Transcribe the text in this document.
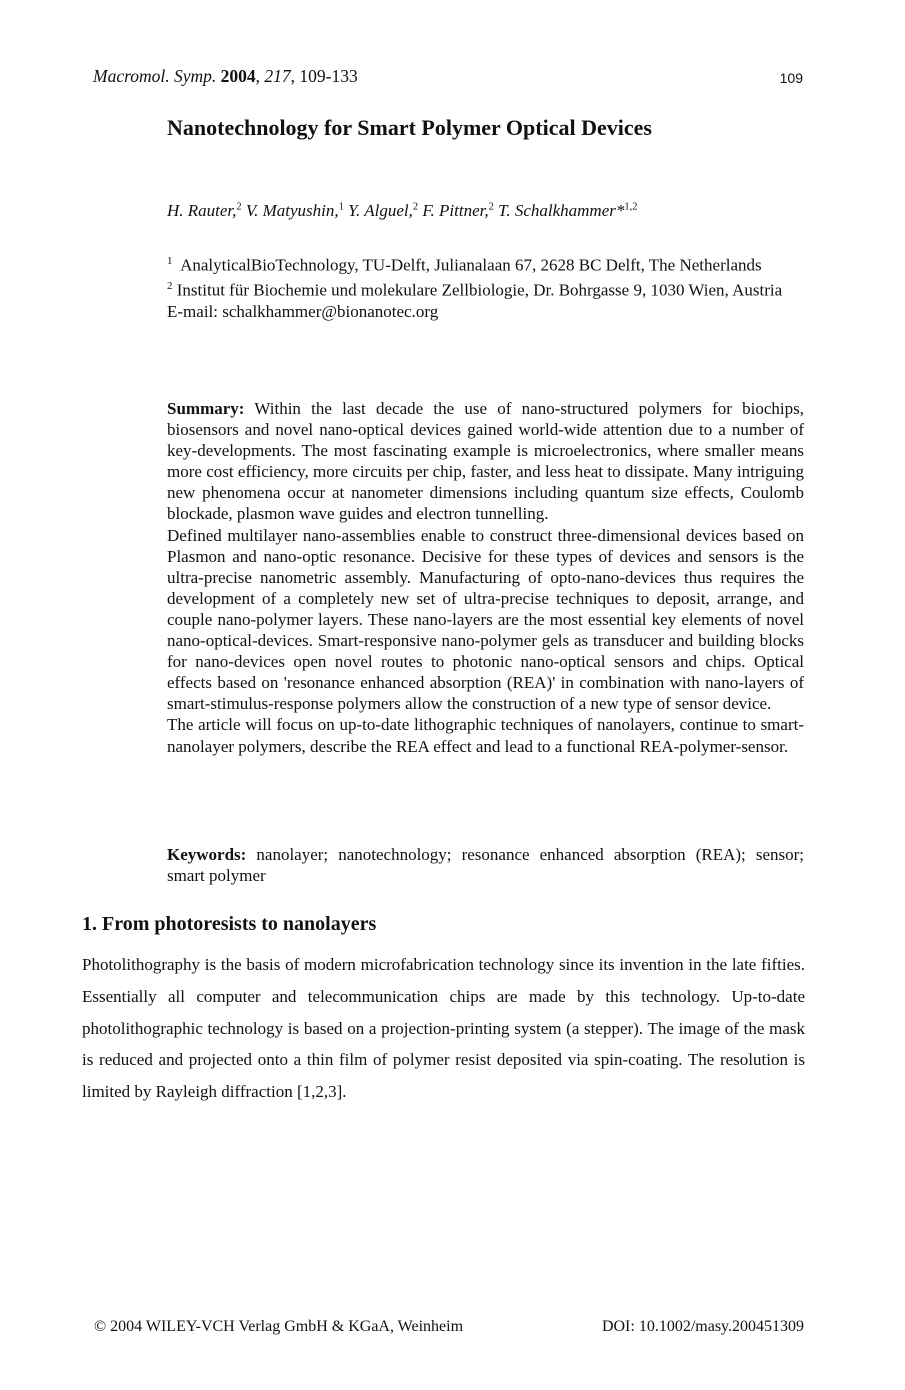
Macromol. Symp. 2004, 217, 109-133	109
Nanotechnology for Smart Polymer Optical Devices
H. Rauter,$^2$ V. Matyushin,$^1$ Y. Alguel,$^2$ F. Pittner,$^2$ T. Schalkhammer*$^{1,2}$

$^1$ AnalyticalBioTechnology, TU-Delft, Julianalaan 67, 2628 BC Delft, The Netherlands

$^2$ Institut für Biochemie und molekulare Zellbiologie, Dr. Bohrgasse 9, 1030 Wien, Austria

E-mail: schalkhammer@bionanotec.org

Summary: Within the last decade the use of nano-structured polymers for biochips, biosensors and novel nano-optical devices gained world-wide attention due to a number of key-developments. The most fascinating example is microelectronics, where smaller means more cost efficiency, more circuits per chip, faster, and less heat to dissipate. Many intriguing new phenomena occur at nanometer dimensions including quantum size effects, Coulomb blockade, plasmon wave guides and electron tunnelling.

Defined multilayer nano-assemblies enable to construct three-dimensional devices based on Plasmon and nano-optic resonance. Decisive for these types of devices and sensors is the ultra-precise nanometric assembly. Manufacturing of opto-nano-devices thus requires the development of a completely new set of ultra-precise techniques to deposit, arrange, and couple nano-polymer layers. These nano-layers are the most essential key elements of novel nano-optical-devices. Smart-responsive nano-polymer gels as transducer and building blocks for nano-devices open novel routes to photonic nano-optical sensors and chips. Optical effects based on 'resonance enhanced absorption (REA)' in combination with nano-layers of smart-stimulus-response polymers allow the construction of a new type of sensor device.

The article will focus on up-to-date lithographic techniques of nanolayers, continue to smart-nanolayer polymers, describe the REA effect and lead to a functional REA-polymer-sensor.

Keywords: nanolayer; nanotechnology; resonance enhanced absorption (REA); sensor; smart polymer

1. From photoresists to nanolayers

Photolithography is the basis of modern microfabrication technology since its invention in the late fifties. Essentially all computer and telecommunication chips are made by this technology. Up-to-date photolithographic technology is based on a projection-printing system (a stepper). The image of the mask is reduced and projected onto a thin film of polymer resist deposited via spin-coating. The resolution is limited by Rayleigh diffraction [1,2,3].

© 2004 WILEY-VCH Verlag GmbH & KGaA, Weinheim	DOI: 10.1002/masy.200451309
